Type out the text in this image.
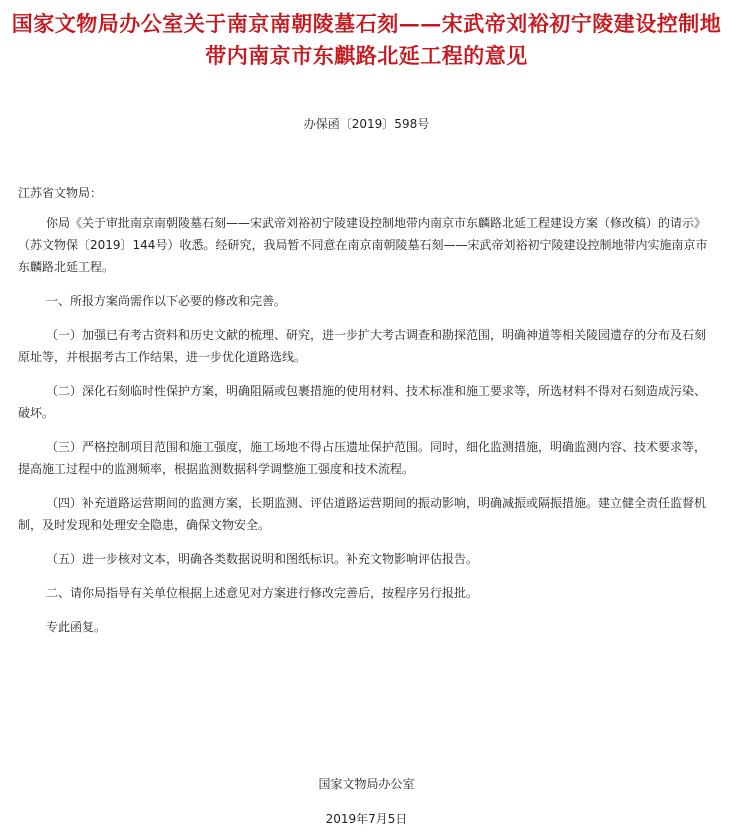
国家文物局办公室关于南京南朝陵墓石刻——宋武帝刘裕初宁陵建设控制地带内南京市东麒路北延工程的意见
办保函〔2019〕598号

江苏省文物局：

你局《关于审批南京南朝陵墓石刻——宋武帝刘裕初宁陵建设控制地带内南京市东麟路北延工程建设方案（修改稿）的请示》（苏文物保〔2019〕144号）收悉。经研究，我局暂不同意在南京南朝陵墓石刻——宋武帝刘裕初宁陵建设控制地带内实施南京市东麟路北延工程。

一、所报方案尚需作以下必要的修改和完善。

（一）加强已有考古资料和历史文献的梳理、研究，进一步扩大考古调查和勘探范围，明确神道等相关陵园遗存的分布及石刻原址等，并根据考古工作结果，进一步优化道路选线。

（二）深化石刻临时性保护方案，明确阻隔或包裹措施的使用材料、技术标准和施工要求等，所选材料不得对石刻造成污染、破坏。

（三）严格控制项目范围和施工强度，施工场地不得占压遗址保护范围。同时，细化监测措施，明确监测内容、技术要求等，提高施工过程中的监测频率，根据监测数据科学调整施工强度和技术流程。

（四）补充道路运营期间的监测方案，长期监测、评估道路运营期间的振动影响，明确减振或隔振措施。建立健全责任监督机制，及时发现和处理安全隐患，确保文物安全。

（五）进一步核对文本，明确各类数据说明和图纸标识。补充文物影响评估报告。

二、请你局指导有关单位根据上述意见对方案进行修改完善后，按程序另行报批。

专此函复。

国家文物局办公室
2019年7月5日
